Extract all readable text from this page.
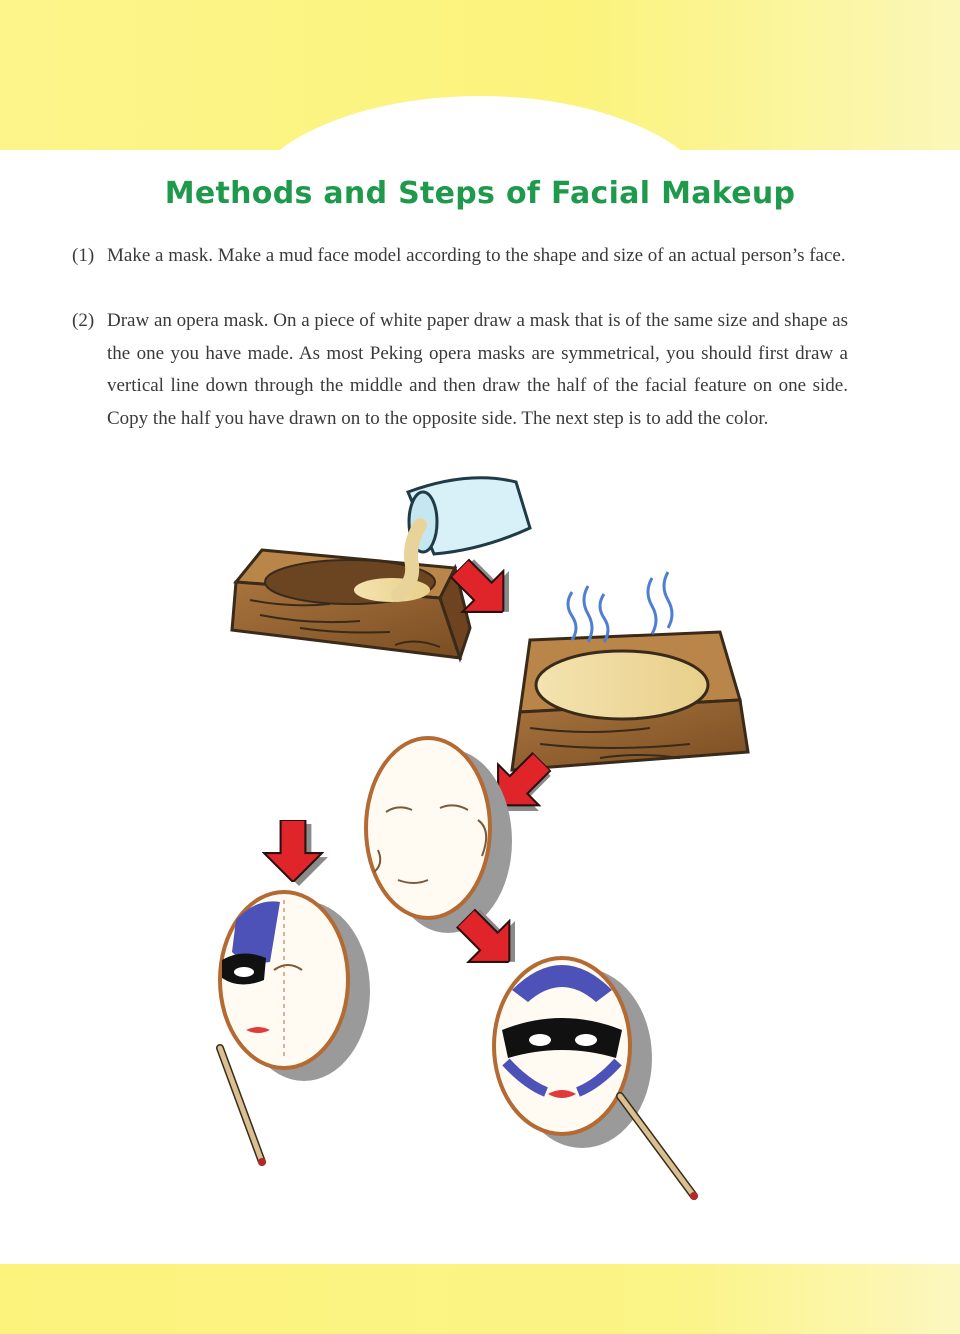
Methods and Steps of Facial Makeup
(1) Make a mask. Make a mud face model according to the shape and size of an actual person’s face.
(2) Draw an opera mask. On a piece of white paper draw a mask that is of the same size and shape as the one you have made. As most Peking opera masks are symmetrical, you should first draw a vertical line down through the middle and then draw the half of the facial feature on one side. Copy the half you have drawn on to the opposite side. The next step is to add the color.
